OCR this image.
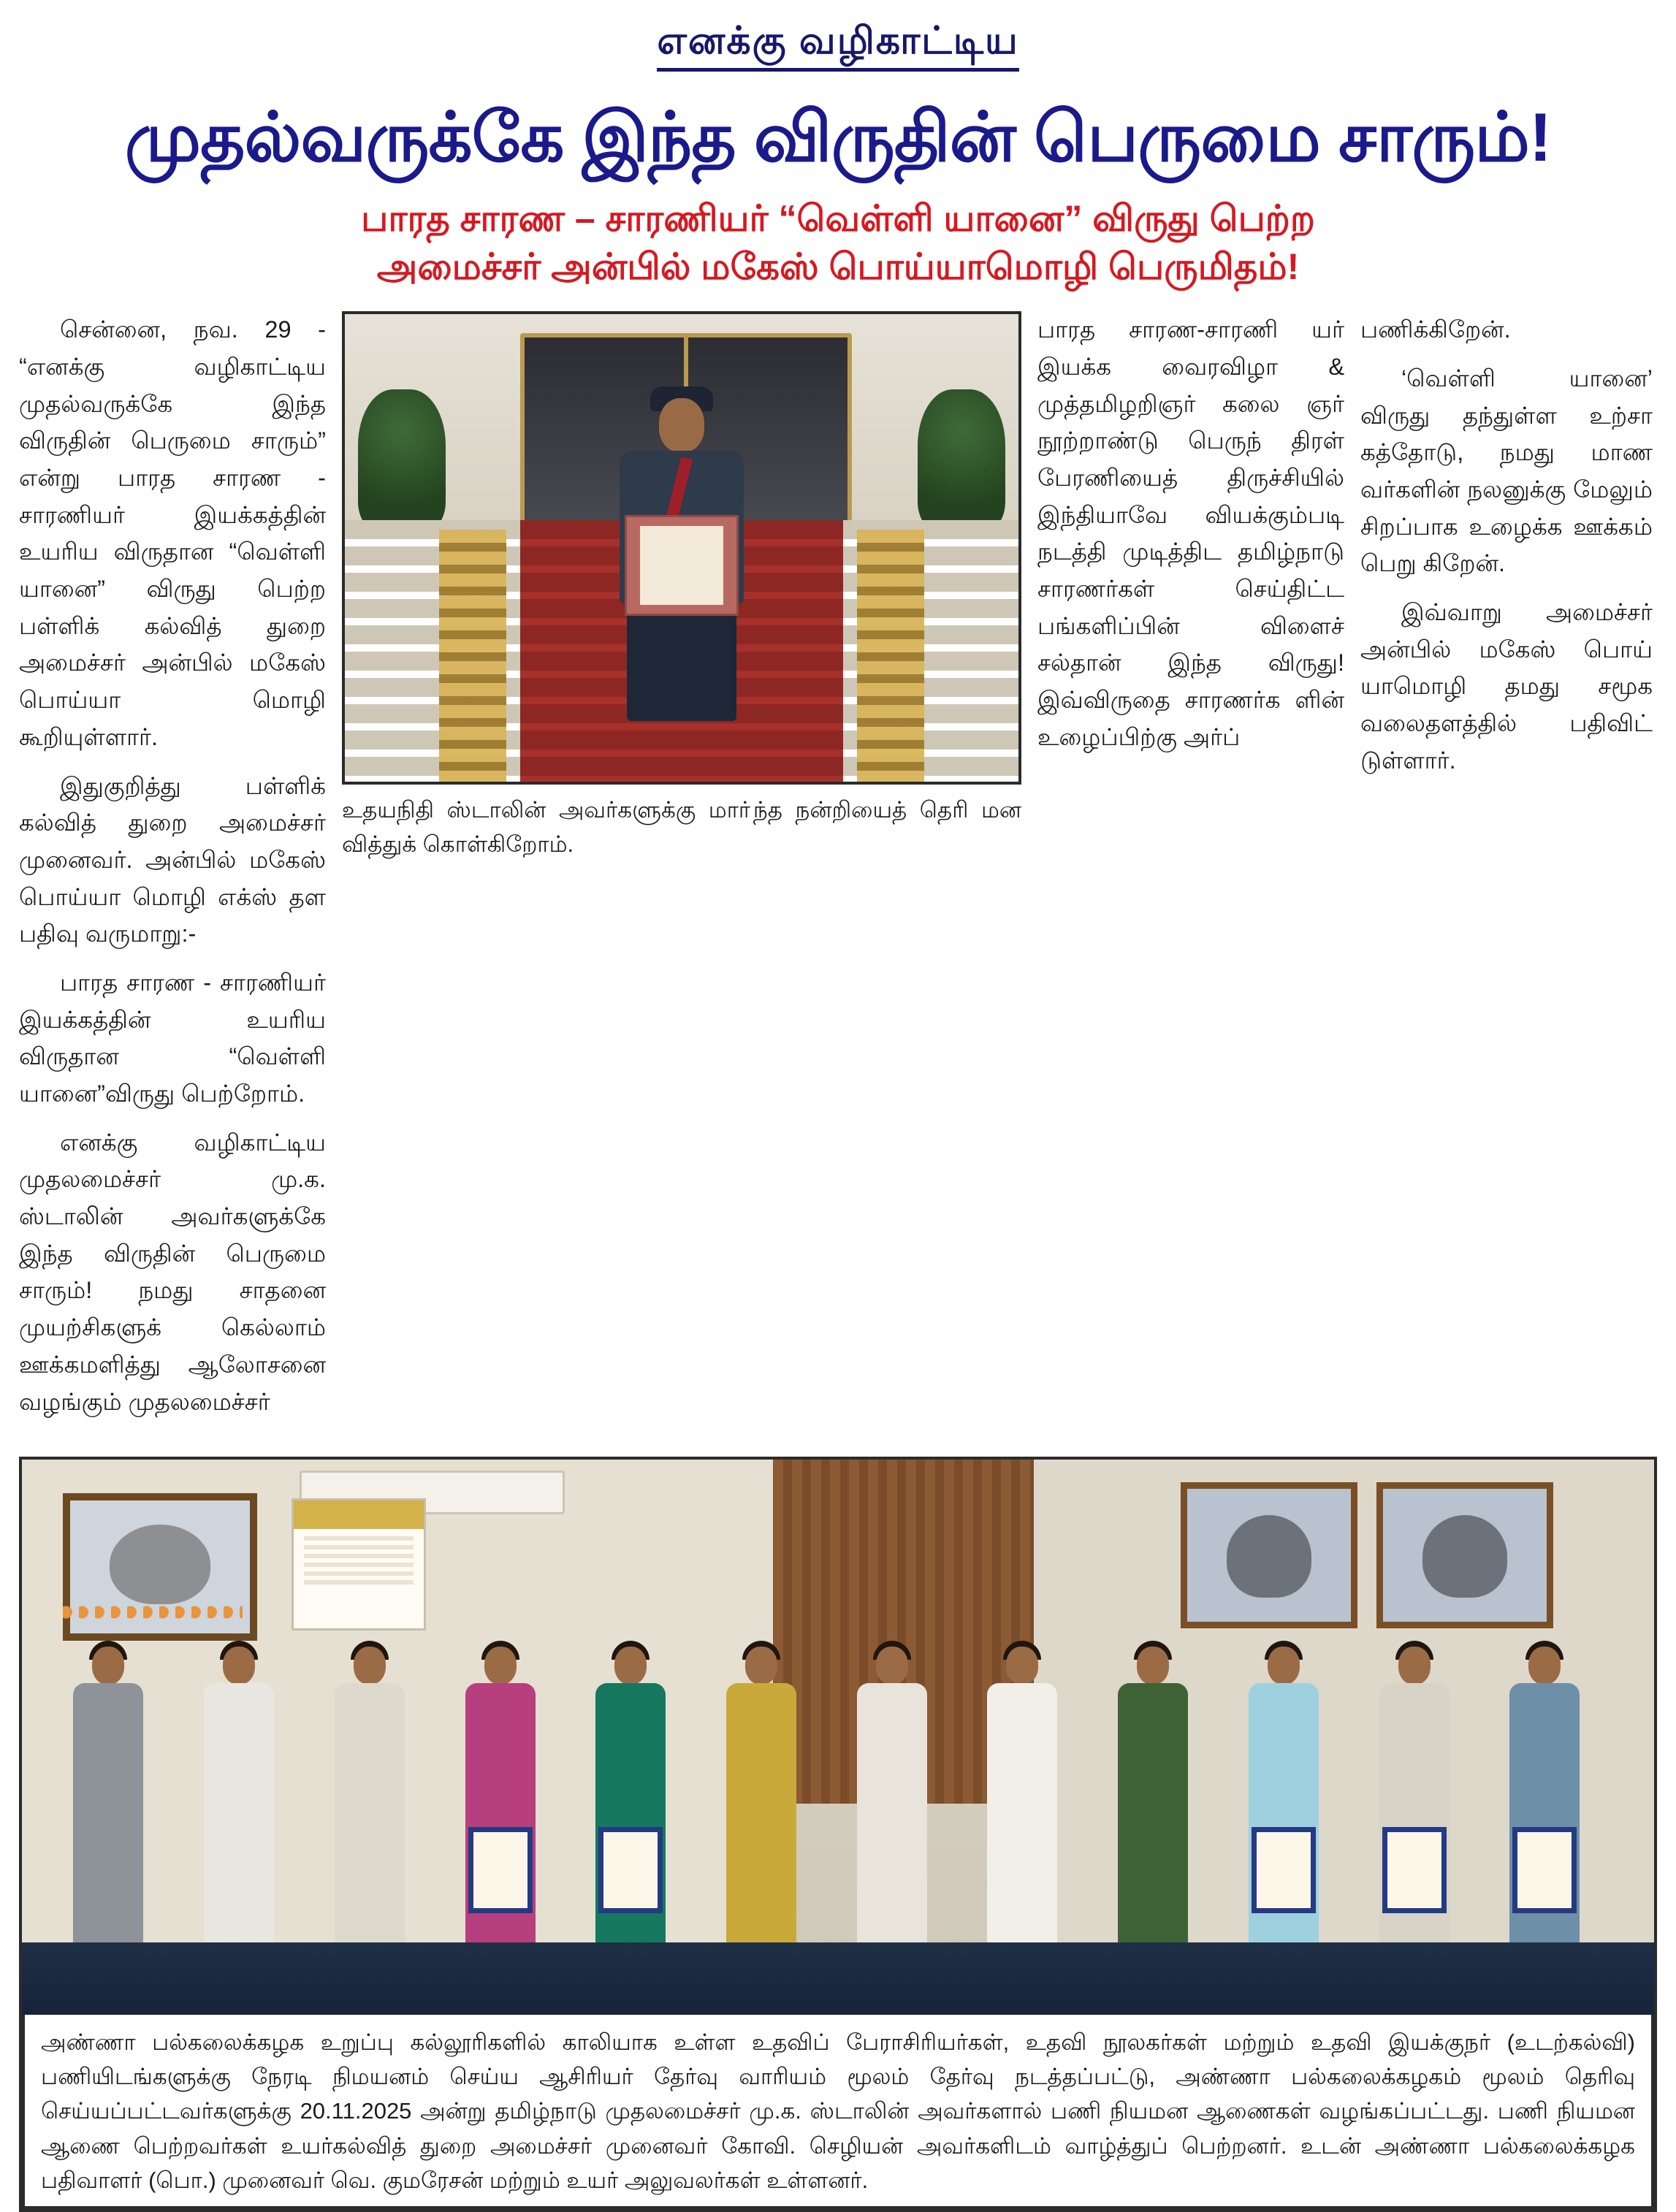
எனக்கு வழிகாட்டிய
முதல்வருக்கே இந்த விருதின் பெருமை சாரும்!
பாரத சாரண – சாரணியர் “வெள்ளி யானை” விருது பெற்ற
அமைச்சர் அன்பில் மகேஸ் பொய்யாமொழி பெருமிதம்!

சென்னை, நவ. 29 - “எனக்கு வழிகாட்டிய முதல்வருக்கே இந்த விருதின் பெருமை சாரும்” என்று பாரத சாரண - சாரணியர் இயக்கத்தின் உயரிய விருதான “வெள்ளி யானை” விருது பெற்ற பள்ளிக் கல்வித் துறை அமைச்சர் அன்பில் மகேஸ் பொய்யா மொழி கூறியுள்ளார்.

இதுகுறித்து பள்ளிக் கல்வித் துறை அமைச்சர் முனைவர். அன்பில் மகேஸ் பொய்யா மொழி எக்ஸ் தள பதிவு வருமாறு:-

பாரத சாரண - சாரணியர் இயக்கத்தின் உயரிய விருதான “வெள்ளி யானை”விருது பெற்றோம்.

எனக்கு வழிகாட்டிய முதலமைச்சர் மு.க. ஸ்டாலின் அவர்களுக்கே இந்த விருதின் பெருமை சாரும்! நமது சாதனை முயற்சிகளுக் கெல்லாம் ஊக்கமளித்து ஆலோசனை வழங்கும் முதலமைச்சர்

உதயநிதி ஸ்டாலின் அவர்களுக்கு மாா்ந்த நன்றியைத் தெரி மன வித்துக் கொள்கிறோம்.

பாரத சாரண-சாரணி யர் இயக்க வைரவிழா & முத்தமிழறிஞர் கலை ஞர் நூற்றாண்டு பெருந் திரள் பேரணியைத் திருச்சியில் இந்தியாவே வியக்கும்படி நடத்தி முடித்திட தமிழ்நாடு சாரணர்கள் செய்திட்ட பங்களிப்பின் விளைச் சல்தான் இந்த விருது! இவ்விருதை சாரணர்க ளின் உழைப்பிற்கு அர்ப்

பணிக்கிறேன்.

‘வெள்ளி யானை’ விருது தந்துள்ள உற்சா கத்தோடு, நமது மாண வர்களின் நலனுக்கு மேலும் சிறப்பாக உழைக்க ஊக்கம் பெறு கிறேன்.

இவ்வாறு அமைச்சர் அன்பில் மகேஸ் பொய் யாமொழி தமது சமூக வலைதளத்தில் பதிவிட் டுள்ளார்.

அண்ணா பல்கலைக்கழக உறுப்பு கல்லூரிகளில் காலியாக உள்ள உதவிப் பேராசிரியர்கள், உதவி நூலகர்கள் மற்றும் உதவி இயக்குநர் (உடற்கல்வி) பணியிடங்களுக்கு நேரடி நிமயனம் செய்ய ஆசிரியர் தேர்வு வாரியம் மூலம் தேர்வு நடத்தப்பட்டு, அண்ணா பல்கலைக்கழகம் மூலம் தெரிவு செய்யப்பட்டவர்களுக்கு 20.11.2025 அன்று தமிழ்நாடு முதலமைச்சர் மு.க. ஸ்டாலின் அவர்களால் பணி நியமன ஆணைகள் வழங்கப்பட்டது. பணி நியமன ஆணை பெற்றவர்கள் உயர்கல்வித் துறை அமைச்சர் முனைவர் கோவி. செழியன் அவர்களிடம் வாழ்த்துப் பெற்றனர். உடன் அண்ணா பல்கலைக்கழக பதிவாளர் (பொ.) முனைவர் வெ. குமரேசன் மற்றும் உயர் அலுவலர்கள் உள்ளனர்.
